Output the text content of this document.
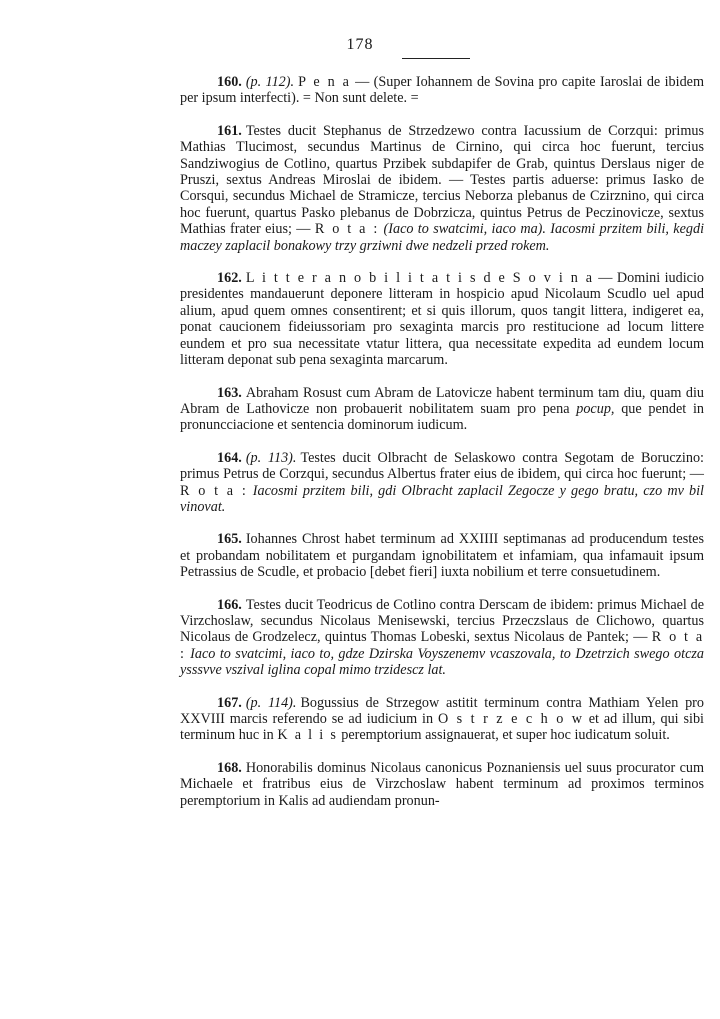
178

160. (p. 112). P e n a — (Super Iohannem de Sovina pro capite Iaroslai de ibidem per ipsum interfecti). = Non sunt delete. =

161. Testes ducit Stephanus de Strzedzewo contra Iacussium de Corzqui: primus Mathias Tlucimost, secundus Martinus de Cirnino, qui circa hoc fuerunt, tercius Sandziwogius de Cotlino, quartus Przibek subdapifer de Grab, quintus Derslaus niger de Pruszi, sextus Andreas Miroslai de ibidem. — Testes partis aduerse: primus Iasko de Corsqui, secundus Michael de Stramicze, tercius Neborza plebanus de Czirznino, qui circa hoc fuerunt, quartus Pasko plebanus de Dobrzicza, quintus Petrus de Peczinovicze, sextus Mathias frater eius; — R o t a : (Iaco to swatcimi, iaco ma). Iacosmi przitem bili, kegdi maczey zaplacil bonakowy trzy grziwni dwe nedzeli przed rokem.

162. L i t t e r a n o b i l i t a t i s d e S o v i n a — Domini iudicio presidentes mandauerunt deponere litteram in hospicio apud Nicolaum Scudlo uel apud alium, apud quem omnes consentirent; et si quis illorum, quos tangit littera, indigeret ea, ponat caucionem fideiussoriam pro sexaginta marcis pro restitucione ad locum littere eundem et pro sua necessitate vtatur littera, qua necessitate expedita ad eundem locum litteram deponat sub pena sexaginta marcarum.

163. Abraham Rosust cum Abram de Latovicze habent terminum tam diu, quam diu Abram de Lathovicze non probauerit nobilitatem suam pro pena pocup, que pendet in pronuncciacione et sentencia dominorum iudicum.

164. (p. 113). Testes ducit Olbracht de Selaskowo contra Segotam de Boruczino: primus Petrus de Corzqui, secundus Albertus frater eius de ibidem, qui circa hoc fuerunt; — R o t a : Iacosmi przitem bili, gdi Olbracht zaplacil Zegocze y gego bratu, czo mv bil vinovat.

165. Iohannes Chrost habet terminum ad XXIIII septimanas ad producendum testes et probandam nobilitatem et purgandam ignobilitatem et infamiam, qua infamauit ipsum Petrassius de Scudle, et probacio [debet fieri] iuxta nobilium et terre consuetudinem.

166. Testes ducit Teodricus de Cotlino contra Derscam de ibidem: primus Michael de Virzchoslaw, secundus Nicolaus Menisewski, tercius Przeczslaus de Clichowo, quartus Nicolaus de Grodzelecz, quintus Thomas Lobeski, sextus Nicolaus de Pantek; — R o t a : Iaco to svatcimi, iaco to, gdze Dzirska Voyszenemv vcaszovala, to Dzetrzich swego otcza ysssvve vszival iglina copal mimo trzidescz lat.

167. (p. 114). Bogussius de Strzegow astitit terminum contra Mathiam Yelen pro XXVIII marcis referendo se ad iudicium in O s t r z e c h o w et ad illum, qui sibi terminum huc in K a l i s peremptorium assignauerat, et super hoc iudicatum soluit.

168. Honorabilis dominus Nicolaus canonicus Poznaniensis uel suus procurator cum Michaele et fratribus eius de Virzchoslaw habent terminum ad proximos terminos peremptorium in Kalis ad audiendam pronun-
